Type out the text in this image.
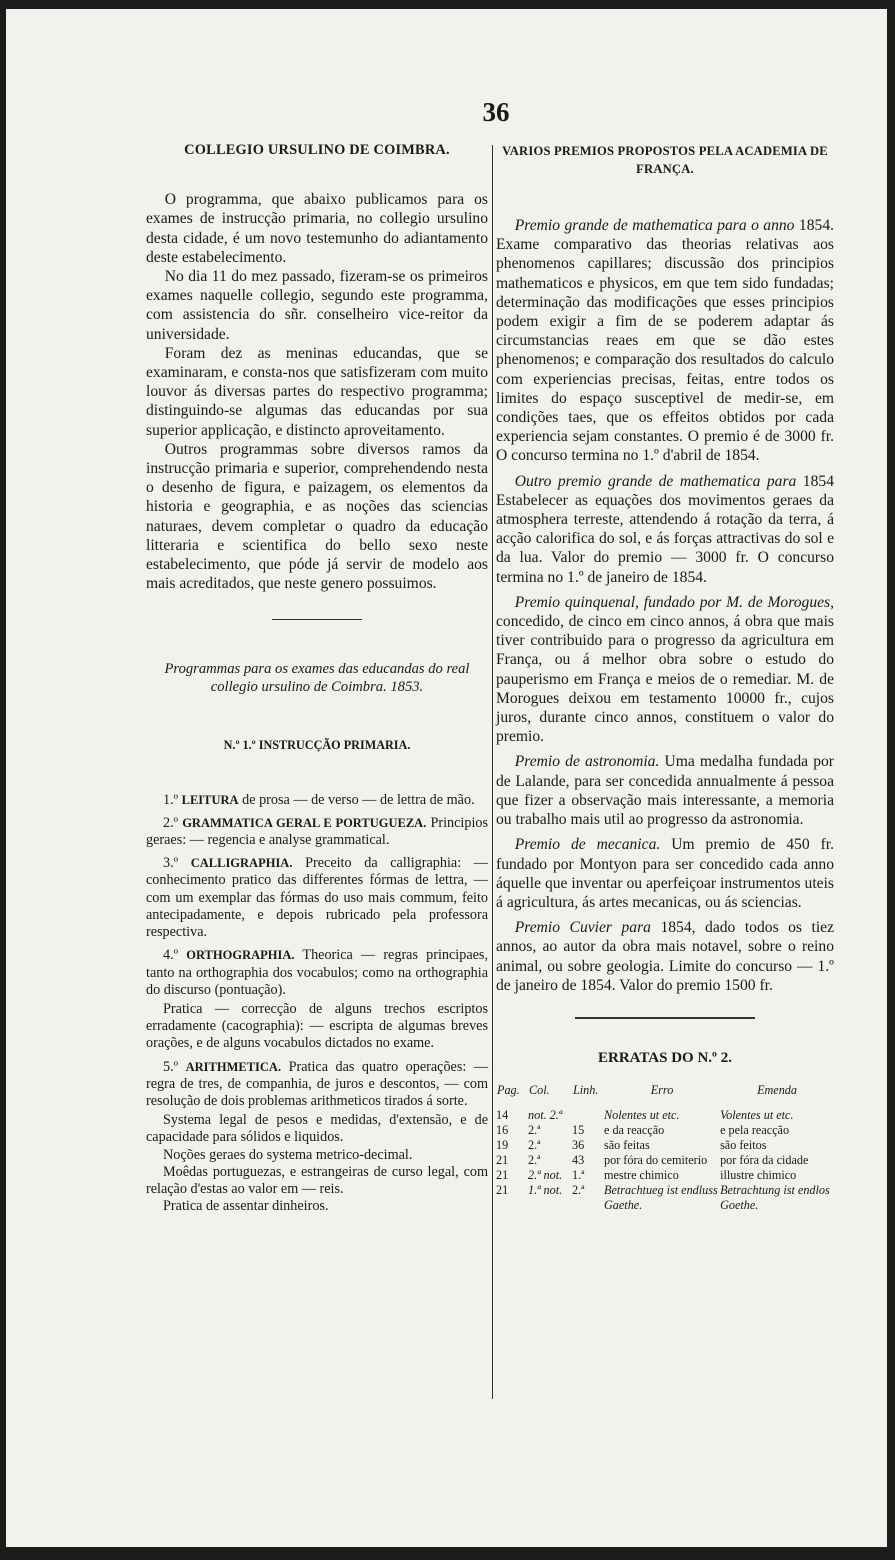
36
COLLEGIO URSULINO DE COIMBRA.

O programma, que abaixo publicamos para os exames de instrucção primaria, no collegio ursulino desta cidade, é um novo testemunho do adiantamento deste estabelecimento.

No dia 11 do mez passado, fizeram-se os primeiros exames naquelle collegio, segundo este programma, com assistencia do sñr. conselheiro vice-reitor da universidade.

Foram dez as meninas educandas, que se examinaram, e consta-nos que satisfizeram com muito louvor ás diversas partes do respectivo programma; distinguindo-se algumas das educandas por sua superior applicação, e distincto aproveitamento.

Outros programmas sobre diversos ramos da instrucção primaria e superior, comprehendendo nesta o desenho de figura, e paizagem, os elementos da historia e geographia, e as noções das sciencias naturaes, devem completar o quadro da educação litteraria e scientifica do bello sexo neste estabelecimento, que póde já servir de modelo aos mais acreditados, que neste genero possuimos.

Programmas para os exames das educandas do real collegio ursulino de Coimbra. 1853.
N.º 1.º INSTRUCÇÃO PRIMARIA.

1.º LEITURA de prosa — de verso — de lettra de mão.

2.º GRAMMATICA GERAL E PORTUGUEZA. Principios geraes: — regencia e analyse grammatical.

3.º CALLIGRAPHIA. Preceito da calligraphia: — conhecimento pratico das differentes fórmas de lettra, — com um exemplar das fórmas do uso mais commum, feito antecipadamente, e depois rubricado pela professora respectiva.

4.º ORTHOGRAPHIA. Theorica — regras principaes, tanto na orthographia dos vocabulos; como na orthographia do discurso (pontuação).

Pratica — correcção de alguns trechos escriptos erradamente (cacographia): — escripta de algumas breves orações, e de alguns vocabulos dictados no exame.

5.º ARITHMETICA. Pratica das quatro operações: — regra de tres, de companhia, de juros e descontos, — com resolução de dois problemas arithmeticos tirados á sorte.

Systema legal de pesos e medidas, d'extensão, e de capacidade para sólidos e liquidos.

Noções geraes do systema metrico-decimal.

Moêdas portuguezas, e estrangeiras de curso legal, com relação d'estas ao valor em — reis.

Pratica de assentar dinheiros.

VARIOS PREMIOS PROPOSTOS PELA ACADEMIA DE FRANÇA.

Premio grande de mathematica para o anno 1854. Exame comparativo das theorias relativas aos phenomenos capillares; discussão dos principios mathematicos e physicos, em que tem sido fundadas; determinação das modificações que esses principios podem exigir a fim de se poderem adaptar ás circumstancias reaes em que se dão estes phenomenos; e comparação dos resultados do calculo com experiencias precisas, feitas, entre todos os limites do espaço susceptivel de medir-se, em condições taes, que os effeitos obtidos por cada experiencia sejam constantes. O premio é de 3000 fr. O concurso termina no 1.º d'abril de 1854.

Outro premio grande de mathematica para 1854 Estabelecer as equações dos movimentos geraes da atmosphera terreste, attendendo á rotação da terra, á acção calorifica do sol, e ás forças attractivas do sol e da lua. Valor do premio — 3000 fr. O concurso termina no 1.º de janeiro de 1854.

Premio quinquenal, fundado por M. de Morogues, concedido, de cinco em cinco annos, á obra que mais tiver contribuido para o progresso da agricultura em França, ou á melhor obra sobre o estudo do pauperismo em França e meios de o remediar. M. de Morogues deixou em testamento 10000 fr., cujos juros, durante cinco annos, constituem o valor do premio.

Premio de astronomia. Uma medalha fundada por de Lalande, para ser concedida annualmente á pessoa que fizer a observação mais interessante, a memoria ou trabalho mais util ao progresso da astronomia.

Premio de mecanica. Um premio de 450 fr. fundado por Montyon para ser concedido cada anno áquelle que inventar ou aperfeiçoar instrumentos uteis á agricultura, ás artes mecanicas, ou ás sciencias.

Premio Cuvier para 1854, dado todos os tiez annos, ao autor da obra mais notavel, sobre o reino animal, ou sobre geologia. Limite do concurso — 1.º de janeiro de 1854. Valor do premio 1500 fr.

ERRATAS DO N.º 2.
Pag.	Col.	Linh.	Erro	Emenda
14	not. 2.ª		Nolentes ut etc.	Volentes ut etc.
16	2.ª	15	e da reacção	e pela reacção
19	2.ª	36	são feitas	são feitos
21	2.ª	43	por fóra do cemiterio	por fóra da cidade
21	2.ª not.	1.ª	mestre chimico	illustre chimico
21	1.ª not.	2.ª	Betrachtueg ist endluss Gaethe.	Betrachtung ist endlos Goethe.
